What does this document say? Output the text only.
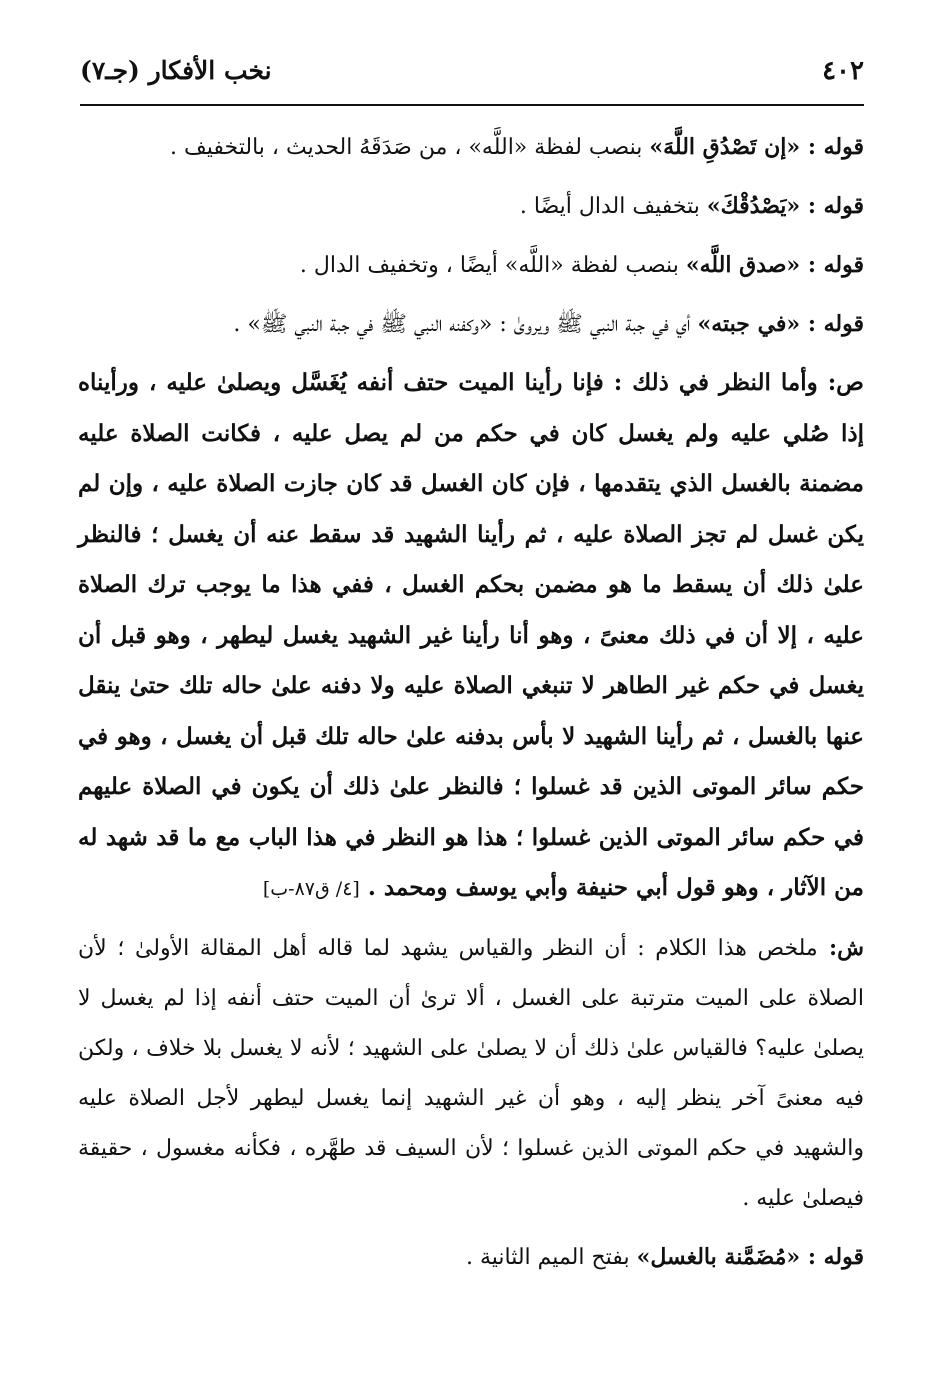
٤٠٢
نخب الأفكار (جـ٧)

قوله : «إن تَصْدُقِ اللَّهَ» بنصب لفظة «اللَّه» ، من صَدَقَهُ الحديث ، بالتخفيف .

قوله : «يَصْدُقْكَ» بتخفيف الدال أيضًا .

قوله : «صدق اللَّه» بنصب لفظة «اللَّه» أيضًا ، وتخفيف الدال .

قوله : «في جبته» أي في جبة النبي ﷺ ويروىٰ : «وكفنه النبي ﷺ في جبة النبي ﷺ» .

ص: وأما النظر في ذلك : فإنا رأينا الميت حتف أنفه يُغَسَّل ويصلىٰ عليه ، ورأيناه إذا صُلي عليه ولم يغسل كان في حكم من لم يصل عليه ، فكانت الصلاة عليه مضمنة بالغسل الذي يتقدمها ، فإن كان الغسل قد كان جازت الصلاة عليه ، وإن لم يكن غسل لم تجز الصلاة عليه ، ثم رأينا الشهيد قد سقط عنه أن يغسل ؛ فالنظر علىٰ ذلك أن يسقط ما هو مضمن بحكم الغسل ، ففي هذا ما يوجب ترك الصلاة عليه ، إلا أن في ذلك معنىً ، وهو أنا رأينا غير الشهيد يغسل ليطهر ، وهو قبل أن يغسل في حكم غير الطاهر لا تنبغي الصلاة عليه ولا دفنه علىٰ حاله تلك حتىٰ ينقل عنها بالغسل ، ثم رأينا الشهيد لا بأس بدفنه علىٰ حاله تلك قبل أن يغسل ، وهو في حكم سائر الموتى الذين قد غسلوا ؛ فالنظر علىٰ ذلك أن يكون في الصلاة عليهم في حكم سائر الموتى الذين غسلوا ؛ هذا هو النظر في هذا الباب مع ما قد شهد له من الآثار ، وهو قول أبي حنيفة وأبي يوسف ومحمد . [٤/ ق٨٧-ب]

ش: ملخص هذا الكلام : أن النظر والقياس يشهد لما قاله أهل المقالة الأولىٰ ؛ لأن الصلاة على الميت مترتبة على الغسل ، ألا ترىٰ أن الميت حتف أنفه إذا لم يغسل لا يصلىٰ عليه؟ فالقياس علىٰ ذلك أن لا يصلىٰ على الشهيد ؛ لأنه لا يغسل بلا خلاف ، ولكن فيه معنىً آخر ينظر إليه ، وهو أن غير الشهيد إنما يغسل ليطهر لأجل الصلاة عليه والشهيد في حكم الموتى الذين غسلوا ؛ لأن السيف قد طهَّره ، فكأنه مغسول ، حقيقة فيصلىٰ عليه .

قوله : «مُضَمَّنة بالغسل» بفتح الميم الثانية .
